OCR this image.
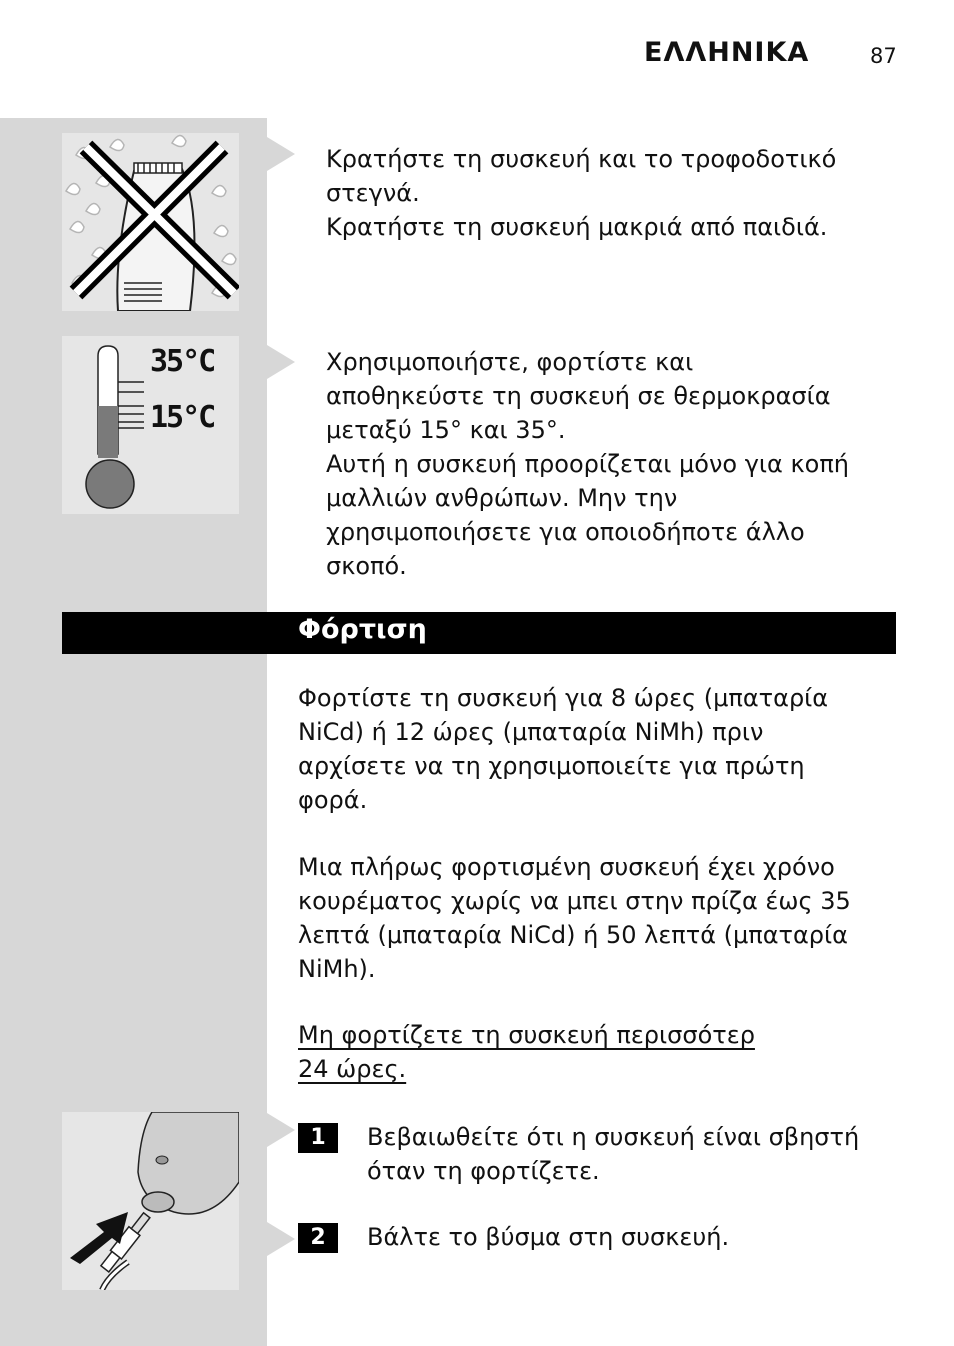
ΕΛΛΗΝΙΚΑ	87
35°C
15°C

Κρατήστε τη συσκευή και το τροφοδοτικό

στεγνά.

Κρατήστε τη συσκευή μακριά από παιδιά.

Χρησιμοποιήστε, φορτίστε και

αποθηκεύστε τη συσκευή σε θερμοκρασία

μεταξύ 15° και 35°.

Αυτή η συσκευή προορίζεται μόνο για κοπή

μαλλιών ανθρώπων. Μην την

χρησιμοποιήσετε για οποιοδήποτε άλλο

σκοπό.

Φόρτιση

Φορτίστε τη συσκευή για 8 ώρες (μπαταρία

NiCd) ή 12 ώρες (μπαταρία NiMh) πριν

αρχίσετε να τη χρησιμοποιείτε για πρώτη

φορά.

Μια πλήρως φορτισμένη συσκευή έχει χρόνο

κουρέματος χωρίς να μπει στην πρίζα έως 35

λεπτά (μπαταρία NiCd) ή 50 λεπτά (μπαταρία

NiMh).

Μη φορτίζετε τη συσκευή περισσότερ

24 ώρες.

1	Βεβαιωθείτε ότι η συσκευή είναι σβηστή

όταν τη φορτίζετε.

2	Βάλτε το βύσμα στη συσκευή.
